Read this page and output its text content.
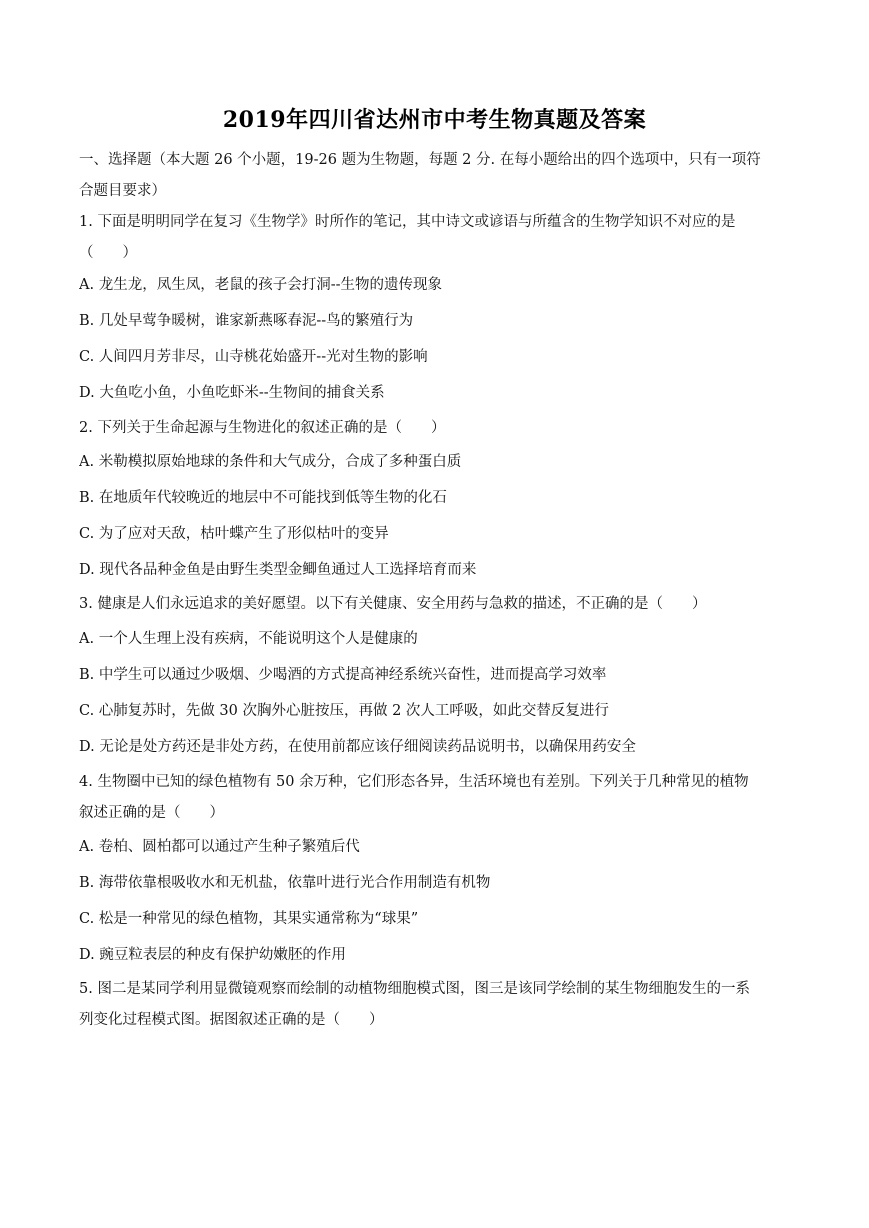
2019年四川省达州市中考生物真题及答案
一、选择题（本大题 26 个小题，19-26 题为生物题，每题 2 分. 在每小题给出的四个选项中，只有一项符
合题目要求）
1. 下面是明明同学在复习《生物学》时所作的笔记，其中诗文或谚语与所蕴含的生物学知识不对应的是
（　　）
A. 龙生龙，凤生凤，老鼠的孩子会打洞--生物的遗传现象
B. 几处早莺争暖树，谁家新燕啄春泥--鸟的繁殖行为
C. 人间四月芳非尽，山寺桃花始盛开--光对生物的影响
D. 大鱼吃小鱼，小鱼吃虾米--生物间的捕食关系
2. 下列关于生命起源与生物进化的叙述正确的是（　　）
A. 米勒模拟原始地球的条件和大气成分，合成了多种蛋白质
B. 在地质年代较晚近的地层中不可能找到低等生物的化石
C. 为了应对天敌，枯叶蝶产生了形似枯叶的变异
D. 现代各品种金鱼是由野生类型金鲫鱼通过人工选择培育而来
3. 健康是人们永远追求的美好愿望。以下有关健康、安全用药与急救的描述，不正确的是（　　）
A. 一个人生理上没有疾病，不能说明这个人是健康的
B. 中学生可以通过少吸烟、少喝酒的方式提高神经系统兴奋性，进而提高学习效率
C. 心肺复苏时，先做 30 次胸外心脏按压，再做 2 次人工呼吸，如此交替反复进行
D. 无论是处方药还是非处方药，在使用前都应该仔细阅读药品说明书，以确保用药安全
4. 生物圈中已知的绿色植物有 50 余万种，它们形态各异，生活环境也有差别。下列关于几种常见的植物
叙述正确的是（　　）
A. 卷柏、圆柏都可以通过产生种子繁殖后代
B. 海带依靠根吸收水和无机盐，依靠叶进行光合作用制造有机物
C. 松是一种常见的绿色植物，其果实通常称为“球果”
D. 豌豆粒表层的种皮有保护幼嫩胚的作用
5. 图二是某同学利用显微镜观察而绘制的动植物细胞模式图，图三是该同学绘制的某生物细胞发生的一系
列变化过程模式图。据图叙述正确的是（　　）
